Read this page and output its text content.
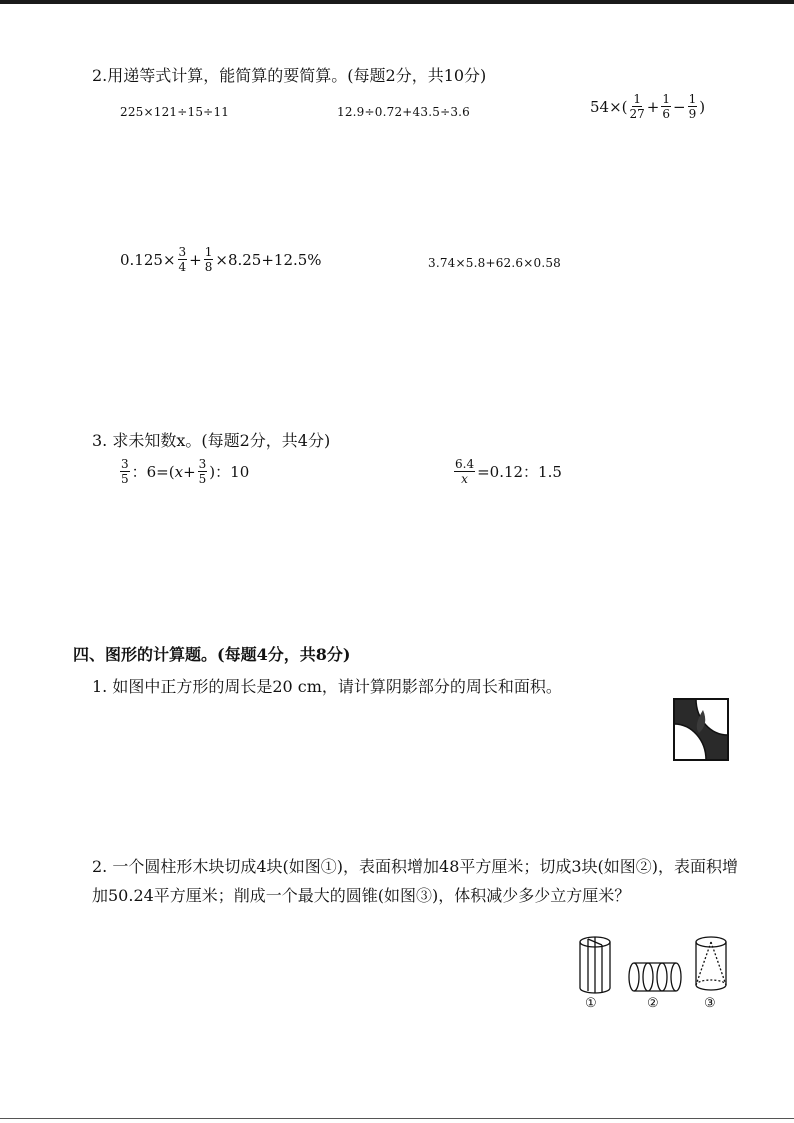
2.用递等式计算，能简算的要简算。(每题2分，共10分)
225×121÷15÷11	12.9÷0.72+43.5÷3.6	$54\times( \frac{1}{27} + \frac{1}{6} - \frac{1}{9}$ )
$0.125\times \frac{3}{4} + \frac{1}{8} \times 8.25+12.5\%$	3.74×5.8+62.6×0.58
3. 求未知数x。(每题2分，共4分)
$\frac{3}{5}$ ：6=( $x + \frac{3}{5}$ )：10	$\frac{6.4}{x} =0.12$：1.5
四、图形的计算题。(每题4分，共8分)
1. 如图中正方形的周长是20 cm，请计算阴影部分的周长和面积。
2. 一个圆柱形木块切成4块(如图①)，表面积增加48平方厘米；切成3块(如图②)，表面积增加50.24平方厘米；削成一个最大的圆锥(如图③)，体积减少多少立方厘米？
①	②	③
